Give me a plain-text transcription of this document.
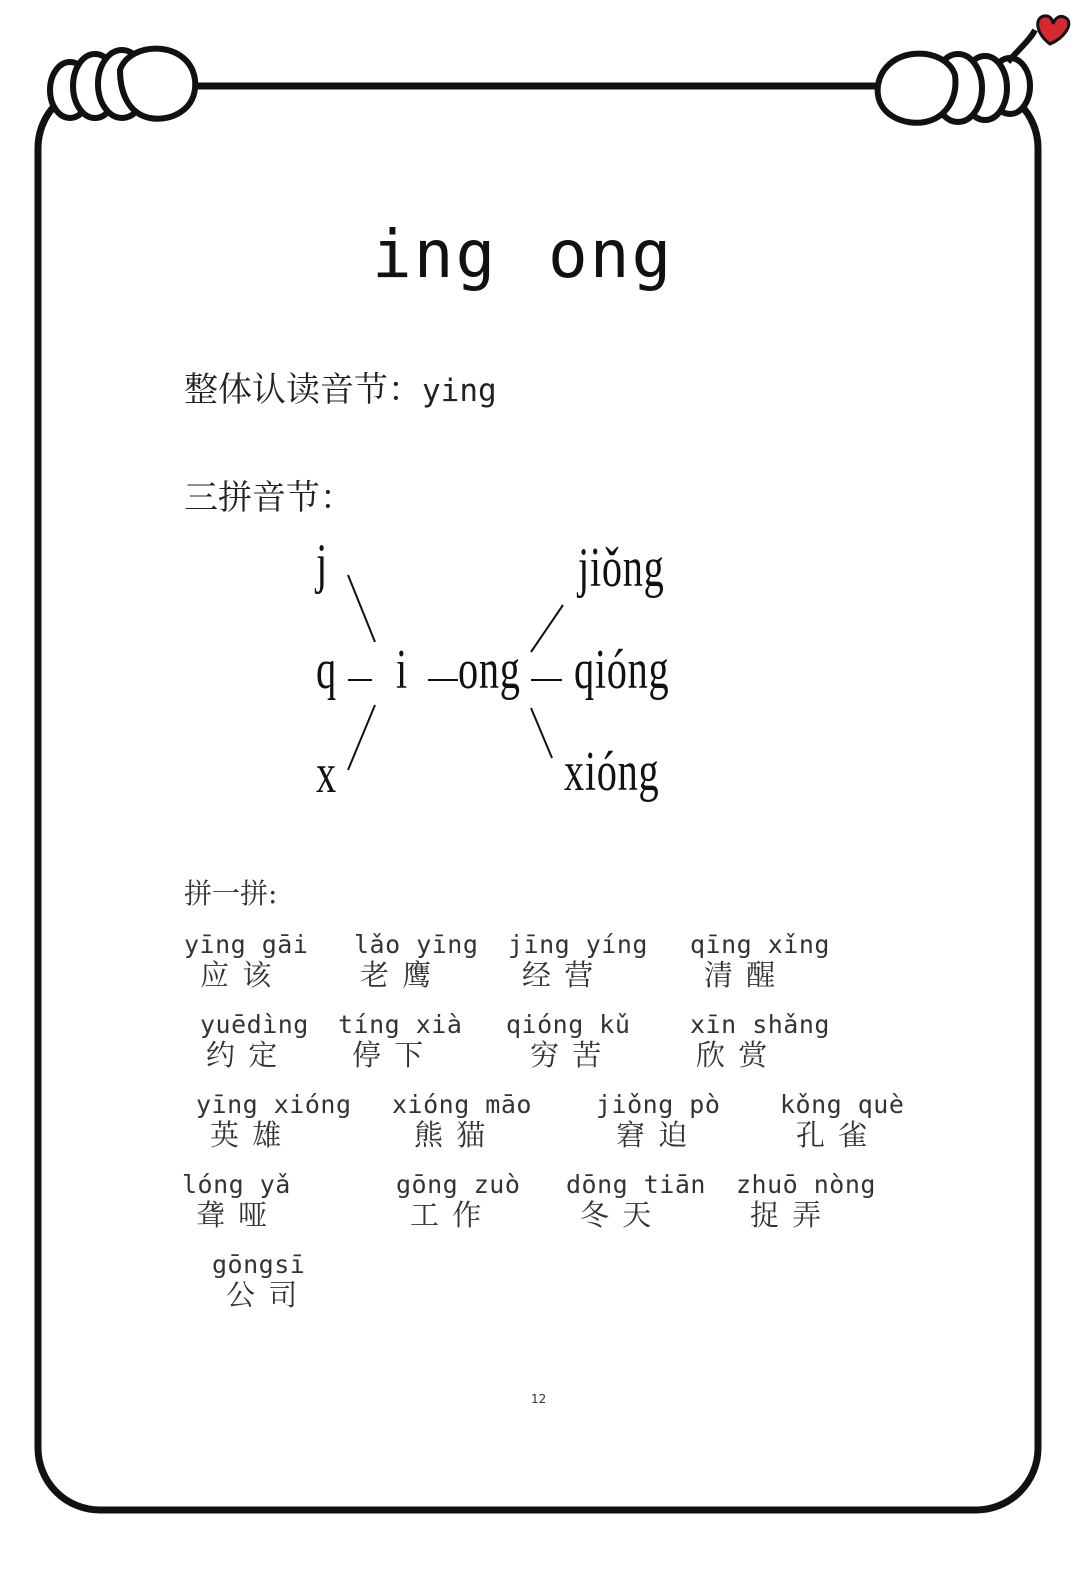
ing ong
整体认读音节：ying
三拼音节：
j
q
x
i ong
jiǒng
qióng
xióng
拼一拼:
yīng gāi
应 该
lǎo yīng
老 鹰
jīng yíng
经 营
qīng xǐng
清 醒
yuēdìng
约 定
tíng xià
停 下
qióng kǔ
穷 苦
xīn shǎng
欣 赏
yīng xióng
英 雄
xióng māo
熊 猫
jiǒng pò
窘 迫
kǒng què
孔 雀
lóng yǎ
聋 哑
gōng zuò
工 作
dōng tiān
冬 天
zhuō nòng
捉 弄
gōngsī
公 司
12
